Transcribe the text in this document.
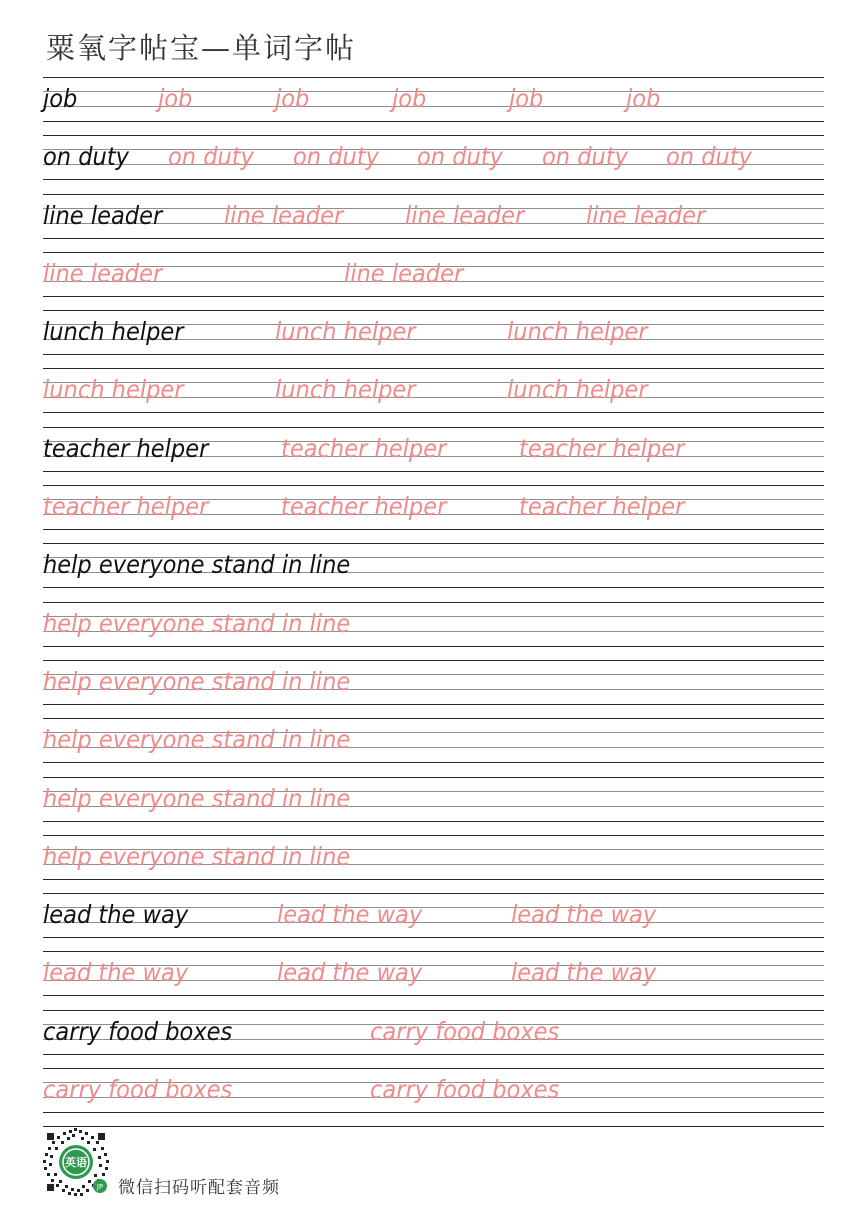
粟氧字帖宝—单词字帖
job	job	job	job	job	job
on duty on duty on duty on duty on duty on duty
line leader	line leader	line leader	line leader
line leader	line leader
lunch helper	lunch helper	lunch helper
lunch helper	lunch helper	lunch helper
teacher helper	teacher helper	teacher helper
teacher helper	teacher helper	teacher helper
help everyone stand in line
help everyone stand in line
help everyone stand in line
help everyone stand in line
help everyone stand in line
help everyone stand in line
lead the way	lead the way	lead the way
lead the way	lead the way	lead the way
carry food boxes	carry food boxes
carry food boxes	carry food boxes
英语
JP 微信扫码听配套音频
